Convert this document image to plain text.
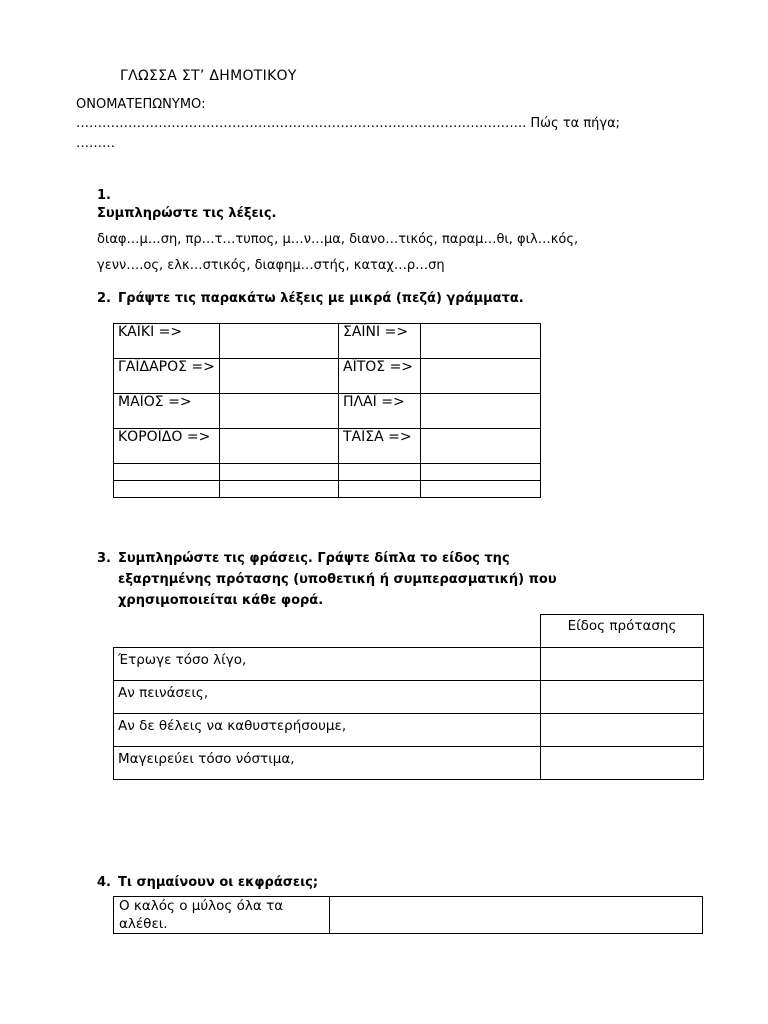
ΓΛΩΣΣΑ ΣΤ’ ΔΗΜΟΤΙΚΟΥ
ΟΝΟΜΑΤΕΠΩΝΥΜΟ:
………………………………………………………………………………………….. Πώς τα πήγα;
………
1.
Συμπληρώστε τις λέξεις.
διαφ…μ…ση, πρ…τ…τυπος, μ…ν…μα, διανο…τικός, παραμ…θι, φιλ…κός,
γενν….ος, ελκ…στικός, διαφημ…στής, καταχ…ρ…ση
2. Γράψτε τις παρακάτω λέξεις με μικρά (πεζά) γράμματα.
ΚΑΪΚΙ =>		ΣΑΪΝΙ =>	
ΓΑΪΔΑΡΟΣ =>		ΑΪΤΟΣ =>	
ΜΑΪΟΣ =>		ΠΛΑΪ =>	
ΚΟΡΟΪΔΟ =>		ΤΑΪΣΑ =>	

3. Συμπληρώστε τις φράσεις. Γράψτε δίπλα το είδος της
εξαρτημένης πρότασης (υποθετική ή συμπερασματική) που
χρησιμοποιείται κάθε φορά.
	Είδος πρότασης
Έτρωγε τόσο λίγο,	
Αν πεινάσεις,	
Αν δε θέλεις να καθυστερήσουμε,	
Μαγειρεύει τόσο νόστιμα,	
4. Τι σημαίνουν οι εκφράσεις;
Ο καλός ο μύλος όλα τα
αλέθει.
